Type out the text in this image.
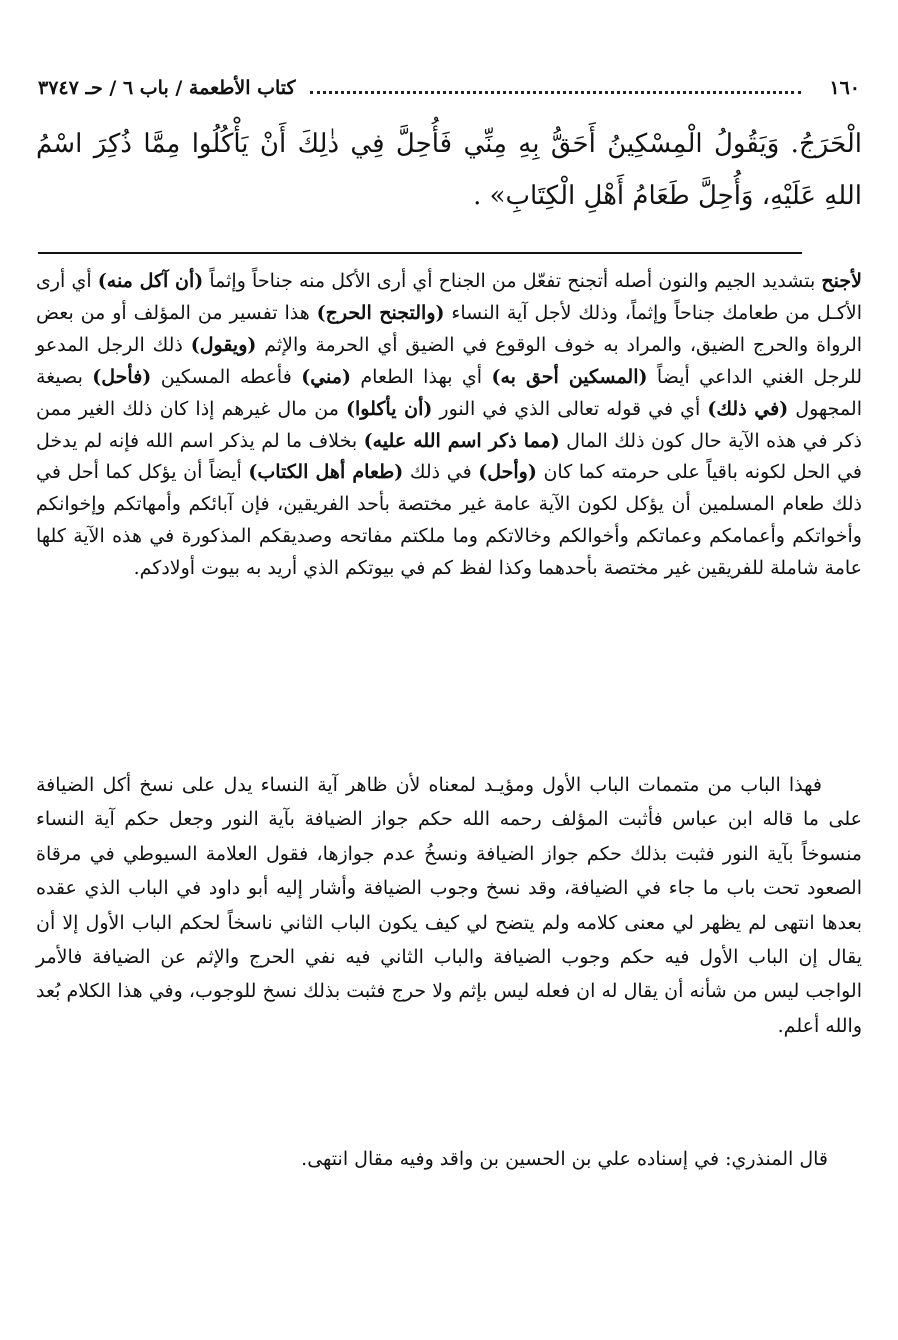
١٦٠
كتاب الأطعمة / باب ٦ / حـ ٣٧٤٧
الْحَرَجُ. وَيَقُولُ الْمِسْكِينُ أَحَقُّ بِهِ مِنِّي فَأُحِلَّ فِي ذٰلِكَ أَنْ يَأْكُلُوا مِمَّا ذُكِرَ اسْمُ اللهِ عَلَيْهِ، وَأُحِلَّ طَعَامُ أَهْلِ الْكِتَابِ» .
لأجنح بتشديد الجيم والنون أصله أتجنح تفعّل من الجناح أي أرى الأكل منه جناحاً وإثماً (أن آكل منه) أي أرى الأكـل من طعامك جناحاً وإثماً، وذلك لأجل آية النساء (والتجنح الحرج) هذا تفسير من المؤلف أو من بعض الرواة والحرج الضيق، والمراد به خوف الوقوع في الضيق أي الحرمة والإثم (ويقول) ذلك الرجل المدعو للرجل الغني الداعي أيضاً (المسكين أحق به) أي بهذا الطعام (مني) فأعطه المسكين (فأحل) بصيغة المجهول (في ذلك) أي في قوله تعالى الذي في النور (أن يأكلوا) من مال غيرهم إذا كان ذلك الغير ممن ذكر في هذه الآية حال كون ذلك المال (مما ذكر اسم الله عليه) بخلاف ما لم يذكر اسم الله فإنه لم يدخل في الحل لكونه باقياً على حرمته كما كان (وأحل) في ذلك (طعام أهل الكتاب) أيضاً أن يؤكل كما أحل في ذلك طعام المسلمين أن يؤكل لكون الآية عامة غير مختصة بأحد الفريقين، فإن آبائكم وأمهاتكم وإخوانكم وأخواتكم وأعمامكم وعماتكم وأخوالكم وخالاتكم وما ملكتم مفاتحه وصديقكم المذكورة في هذه الآية كلها عامة شاملة للفريقين غير مختصة بأحدهما وكذا لفظ كم في بيوتكم الذي أريد به بيوت أولادكم.

فهذا الباب من متممات الباب الأول ومؤيـد لمعناه لأن ظاهر آية النساء يدل على نسخ أكل الضيافة على ما قاله ابن عباس فأثبت المؤلف رحمه الله حكم جواز الضيافة بآية النور وجعل حكم آية النساء منسوخاً بآية النور فثبت بذلك حكم جواز الضيافة ونسخُ عدم جوازها، فقول العلامة السيوطي في مرقاة الصعود تحت باب ما جاء في الضيافة، وقد نسخ وجوب الضيافة وأشار إليه أبو داود في الباب الذي عقده بعدها انتهى لم يظهر لي معنى كلامه ولم يتضح لي كيف يكون الباب الثاني ناسخاً لحكم الباب الأول إلا أن يقال إن الباب الأول فيه حكم وجوب الضيافة والباب الثاني فيه نفي الحرج والإثم عن الضيافة فالأمر الواجب ليس من شأنه أن يقال له ان فعله ليس بإثم ولا حرج فثبت بذلك نسخ للوجوب، وفي هذا الكلام بُعد والله أعلم.

قال المنذري: في إسناده علي بن الحسين بن واقد وفيه مقال انتهى.
